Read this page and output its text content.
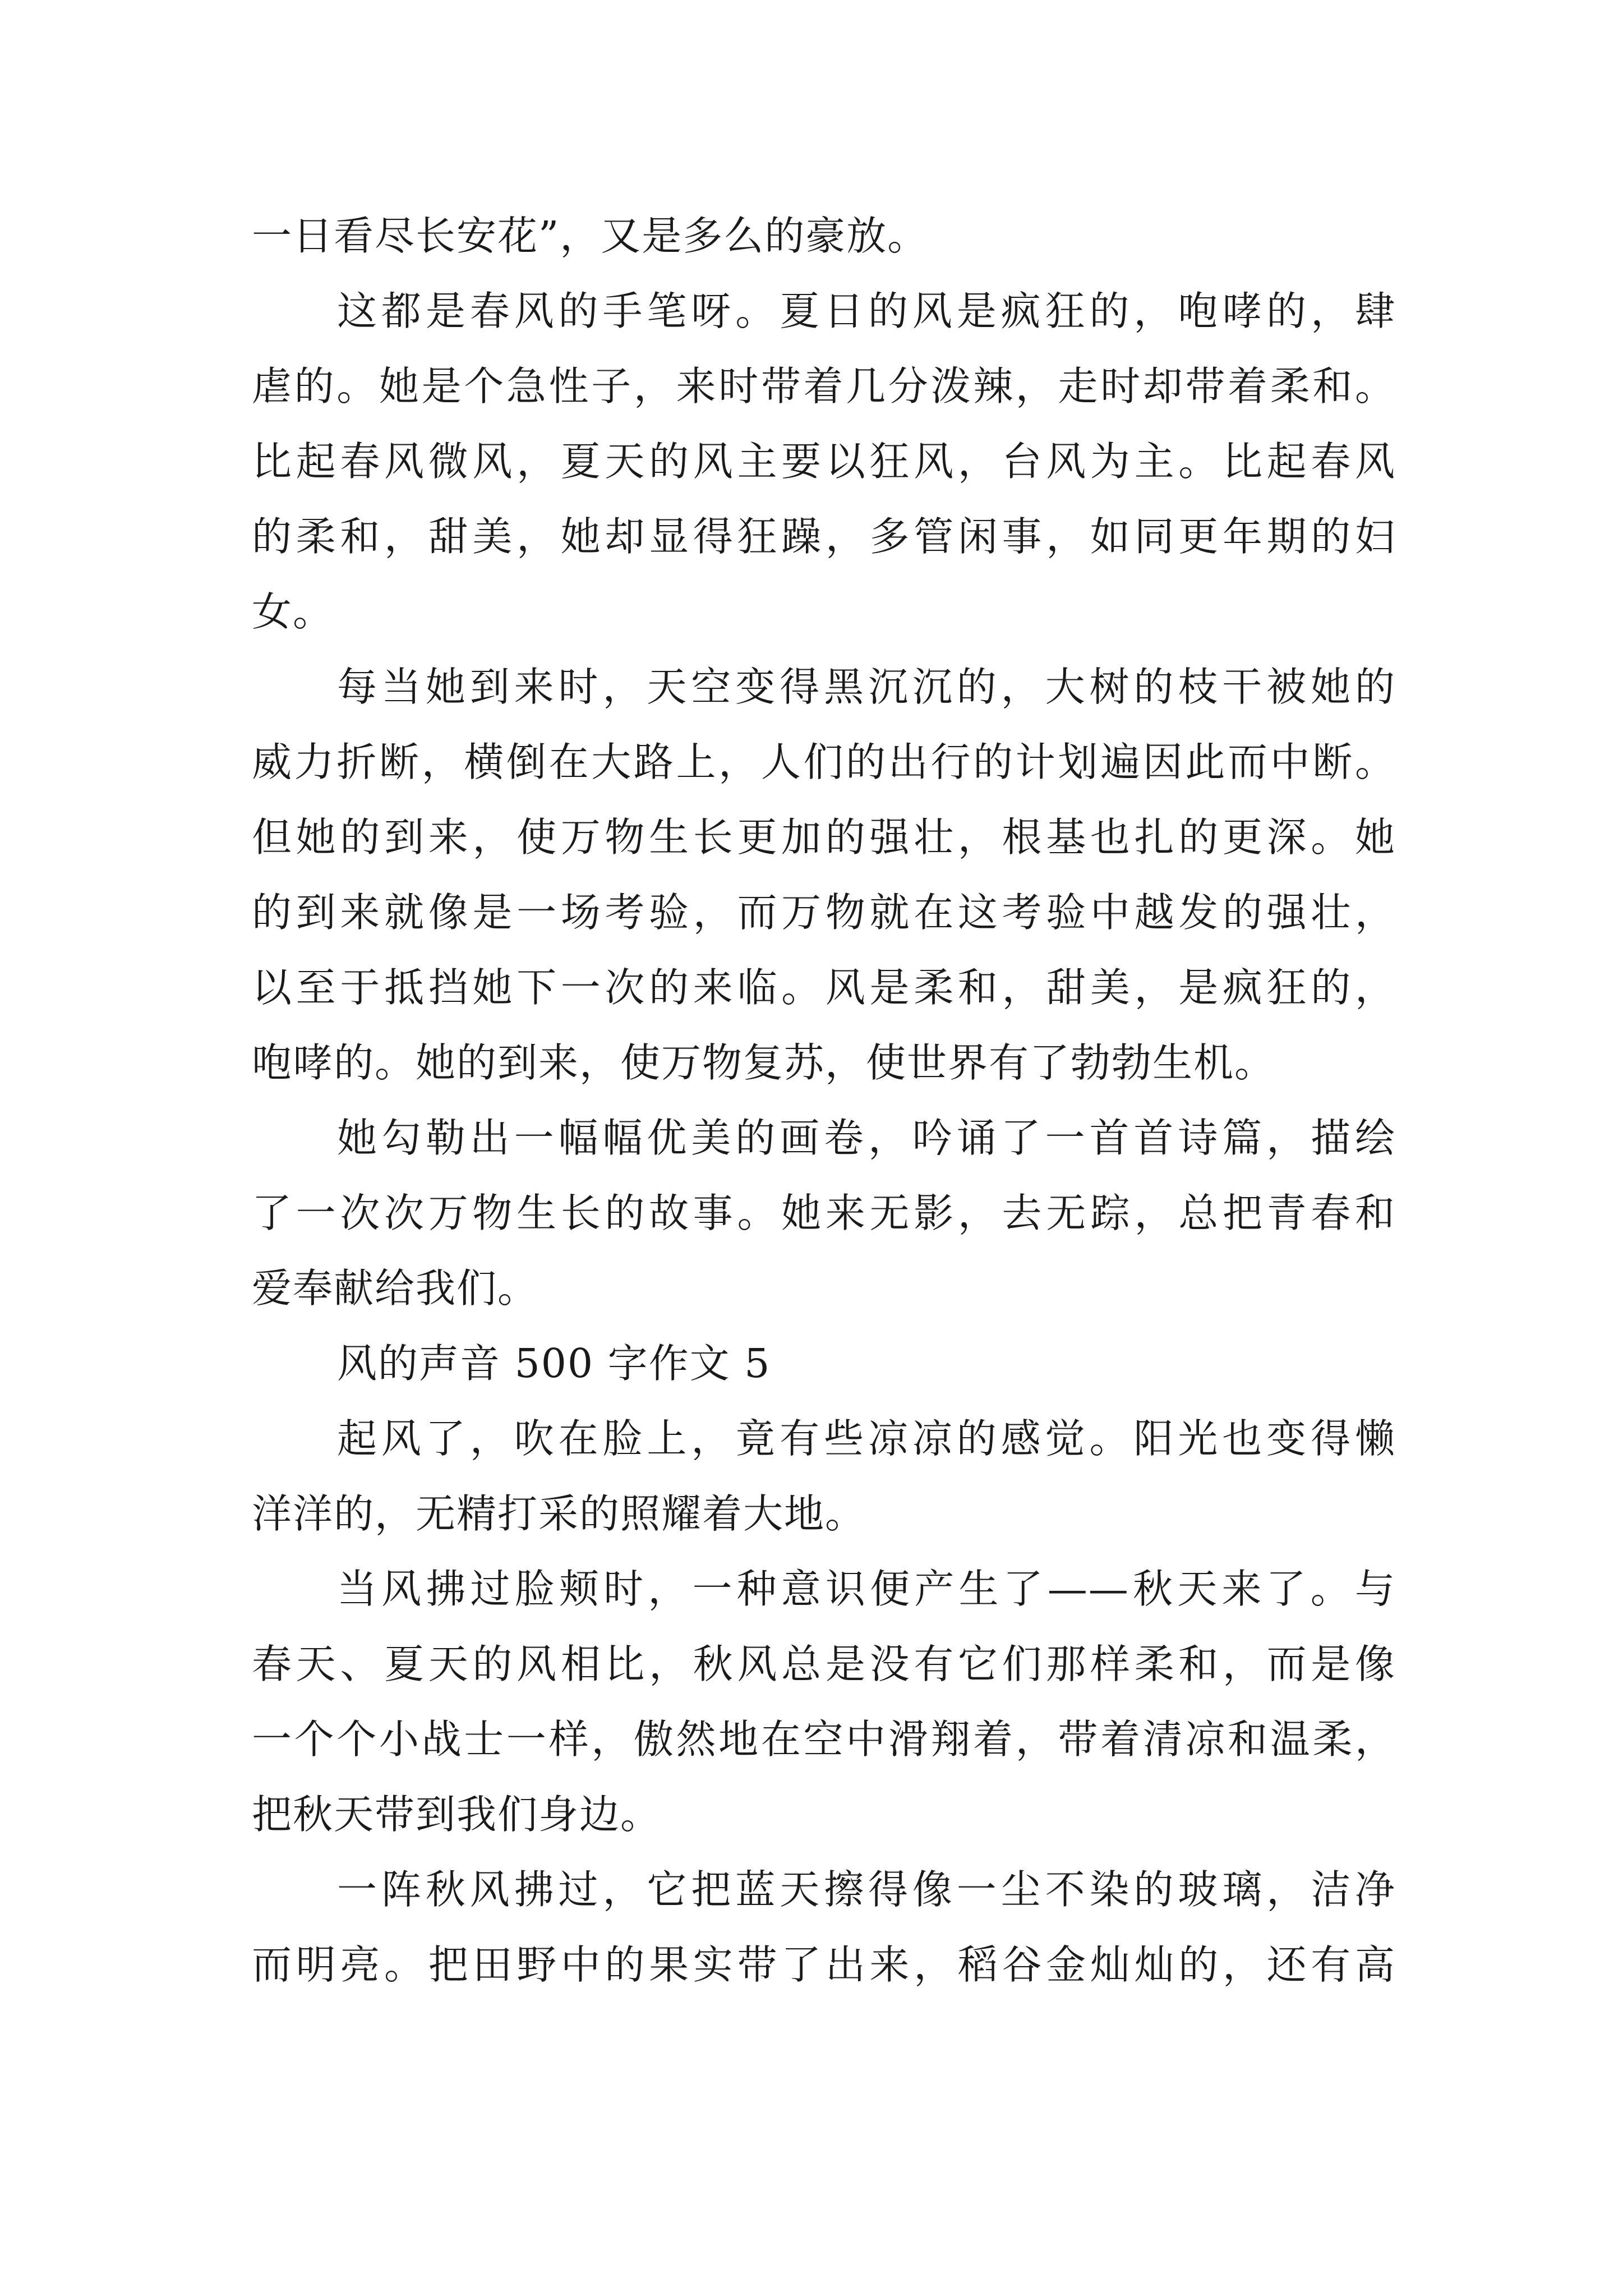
一日看尽长安花”，又是多么的豪放。
这都是春风的手笔呀。夏日的风是疯狂的，咆哮的，肆
虐的。她是个急性子，来时带着几分泼辣，走时却带着柔和。
比起春风微风，夏天的风主要以狂风，台风为主。比起春风
的柔和，甜美，她却显得狂躁，多管闲事，如同更年期的妇
女。
每当她到来时，天空变得黑沉沉的，大树的枝干被她的
威力折断，横倒在大路上，人们的出行的计划遍因此而中断。
但她的到来，使万物生长更加的强壮，根基也扎的更深。她
的到来就像是一场考验，而万物就在这考验中越发的强壮，
以至于抵挡她下一次的来临。风是柔和，甜美，是疯狂的，
咆哮的。她的到来，使万物复苏，使世界有了勃勃生机。
她勾勒出一幅幅优美的画卷，吟诵了一首首诗篇，描绘
了一次次万物生长的故事。她来无影，去无踪，总把青春和
爱奉献给我们。
风的声音 500 字作文 5
起风了，吹在脸上，竟有些凉凉的感觉。阳光也变得懒
洋洋的，无精打采的照耀着大地。
当风拂过脸颊时，一种意识便产生了——秋天来了。与
春天、夏天的风相比，秋风总是没有它们那样柔和，而是像
一个个小战士一样，傲然地在空中滑翔着，带着清凉和温柔，
把秋天带到我们身边。
一阵秋风拂过，它把蓝天擦得像一尘不染的玻璃，洁净
而明亮。把田野中的果实带了出来，稻谷金灿灿的，还有高
